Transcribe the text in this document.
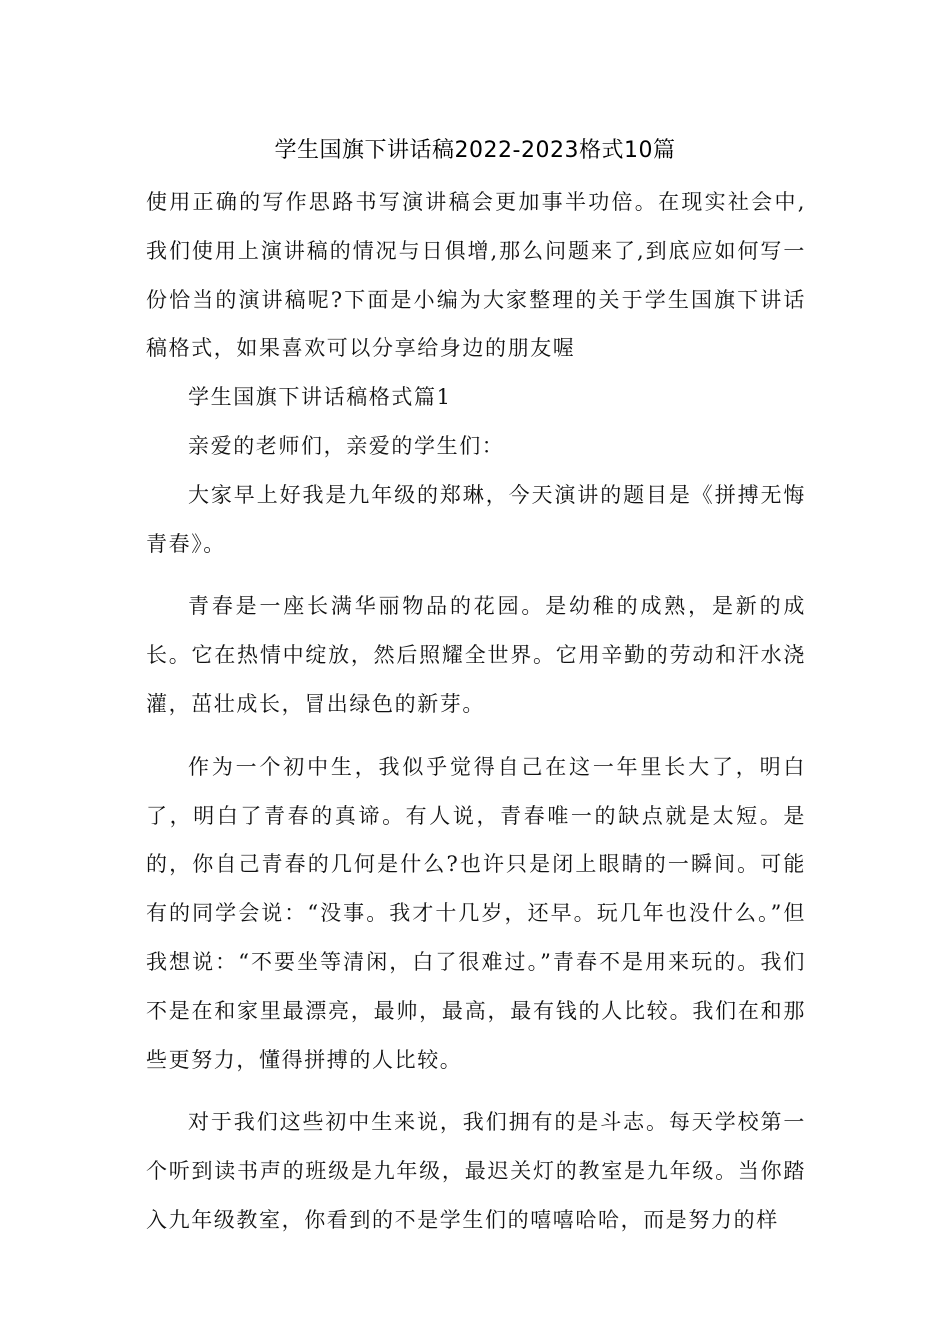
学生国旗下讲话稿2022-2023格式10篇

使用正确的写作思路书写演讲稿会更加事半功倍。在现实社会中,我们使用上演讲稿的情况与日俱增,那么问题来了,到底应如何写一份恰当的演讲稿呢?下面是小编为大家整理的关于学生国旗下讲话稿格式，如果喜欢可以分享给身边的朋友喔

学生国旗下讲话稿格式篇1

亲爱的老师们，亲爱的学生们：

大家早上好我是九年级的郑琳，今天演讲的题目是《拼搏无悔青春》。

青春是一座长满华丽物品的花园。是幼稚的成熟，是新的成长。它在热情中绽放，然后照耀全世界。它用辛勤的劳动和汗水浇灌，茁壮成长，冒出绿色的新芽。

作为一个初中生，我似乎觉得自己在这一年里长大了，明白了，明白了青春的真谛。有人说，青春唯一的缺点就是太短。是的，你自己青春的几何是什么?也许只是闭上眼睛的一瞬间。可能有的同学会说：“没事。我才十几岁，还早。玩几年也没什么。”但我想说：“不要坐等清闲，白了很难过。”青春不是用来玩的。我们不是在和家里最漂亮，最帅，最高，最有钱的人比较。我们在和那些更努力，懂得拼搏的人比较。

对于我们这些初中生来说，我们拥有的是斗志。每天学校第一个听到读书声的班级是九年级，最迟关灯的教室是九年级。当你踏入九年级教室，你看到的不是学生们的嘻嘻哈哈，而是努力的样
